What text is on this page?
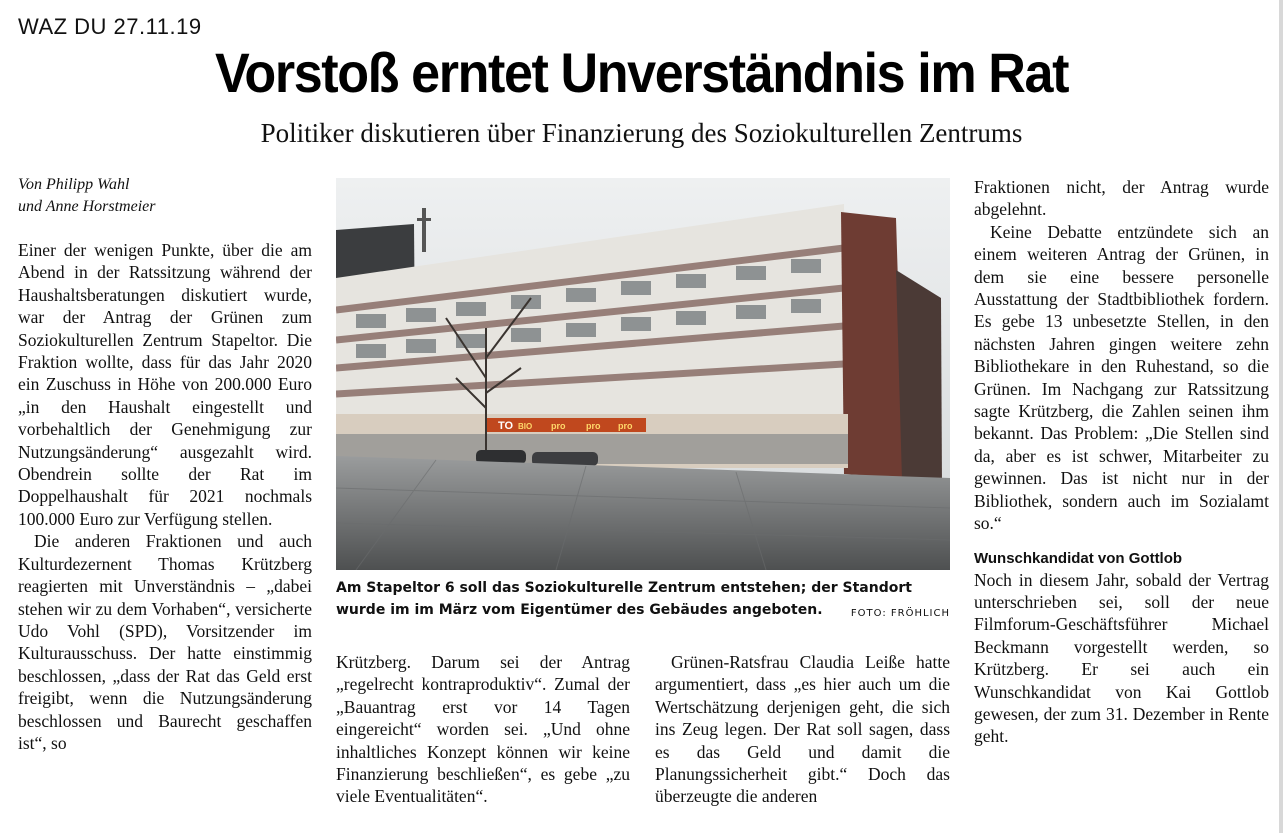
WAZ DU 27.11.19
Vorstoß erntet Unverständnis im Rat
Politiker diskutieren über Finanzierung des Soziokulturellen Zentrums
Von Philipp Wahl
und Anne Horstmeier

Einer der wenigen Punkte, über die am Abend in der Ratssitzung während der Haushaltsberatungen diskutiert wurde, war der Antrag der Grünen zum Soziokulturellen Zentrum Stapeltor. Die Fraktion wollte, dass für das Jahr 2020 ein Zuschuss in Höhe von 200.000 Euro „in den Haushalt eingestellt und vorbehaltlich der Genehmigung zur Nutzungsänderung“ ausgezahlt wird. Obendrein sollte der Rat im Doppelhaushalt für 2021 nochmals 100.000 Euro zur Verfügung stellen.

Die anderen Fraktionen und auch Kulturdezernent Thomas Krützberg reagierten mit Unverständnis – „dabei stehen wir zu dem Vorhaben“, versicherte Udo Vohl (SPD), Vorsitzender im Kulturausschuss. Der hatte einstimmig beschlossen, „dass der Rat das Geld erst freigibt, wenn die Nutzungsänderung beschlossen und Baurecht geschaffen ist“, so

TO BIO pro pro pro
Am Stapeltor 6 soll das Soziokulturelle Zentrum entstehen; der Standort wurde im im März vom Eigentümer des Gebäudes angeboten.	FOTO: FRÖHLICH

Krützberg. Darum sei der Antrag „regelrecht kontraproduktiv“. Zumal der „Bauantrag erst vor 14 Tagen eingereicht“ worden sei. „Und ohne inhaltliches Konzept können wir keine Finanzierung beschließen“, es gebe „zu viele Eventualitäten“.

Grünen-Ratsfrau Claudia Leiße hatte argumentiert, dass „es hier auch um die Wertschätzung derjenigen geht, die sich ins Zeug legen. Der Rat soll sagen, dass es das Geld und damit die Planungssicherheit gibt.“ Doch das überzeugte die anderen

Fraktionen nicht, der Antrag wurde abgelehnt.

Keine Debatte entzündete sich an einem weiteren Antrag der Grünen, in dem sie eine bessere personelle Ausstattung der Stadtbibliothek fordern. Es gebe 13 unbesetzte Stellen, in den nächsten Jahren gingen weitere zehn Bibliothekare in den Ruhestand, so die Grünen. Im Nachgang zur Ratssitzung sagte Krützberg, die Zahlen seinen ihm bekannt. Das Problem: „Die Stellen sind da, aber es ist schwer, Mitarbeiter zu gewinnen. Das ist nicht nur in der Bibliothek, sondern auch im Sozialamt so.“

Wunschkandidat von Gottlob

Noch in diesem Jahr, sobald der Vertrag unterschrieben sei, soll der neue Filmforum-Geschäftsführer Michael Beckmann vorgestellt werden, so Krützberg. Er sei auch ein Wunschkandidat von Kai Gottlob gewesen, der zum 31. Dezember in Rente geht.
